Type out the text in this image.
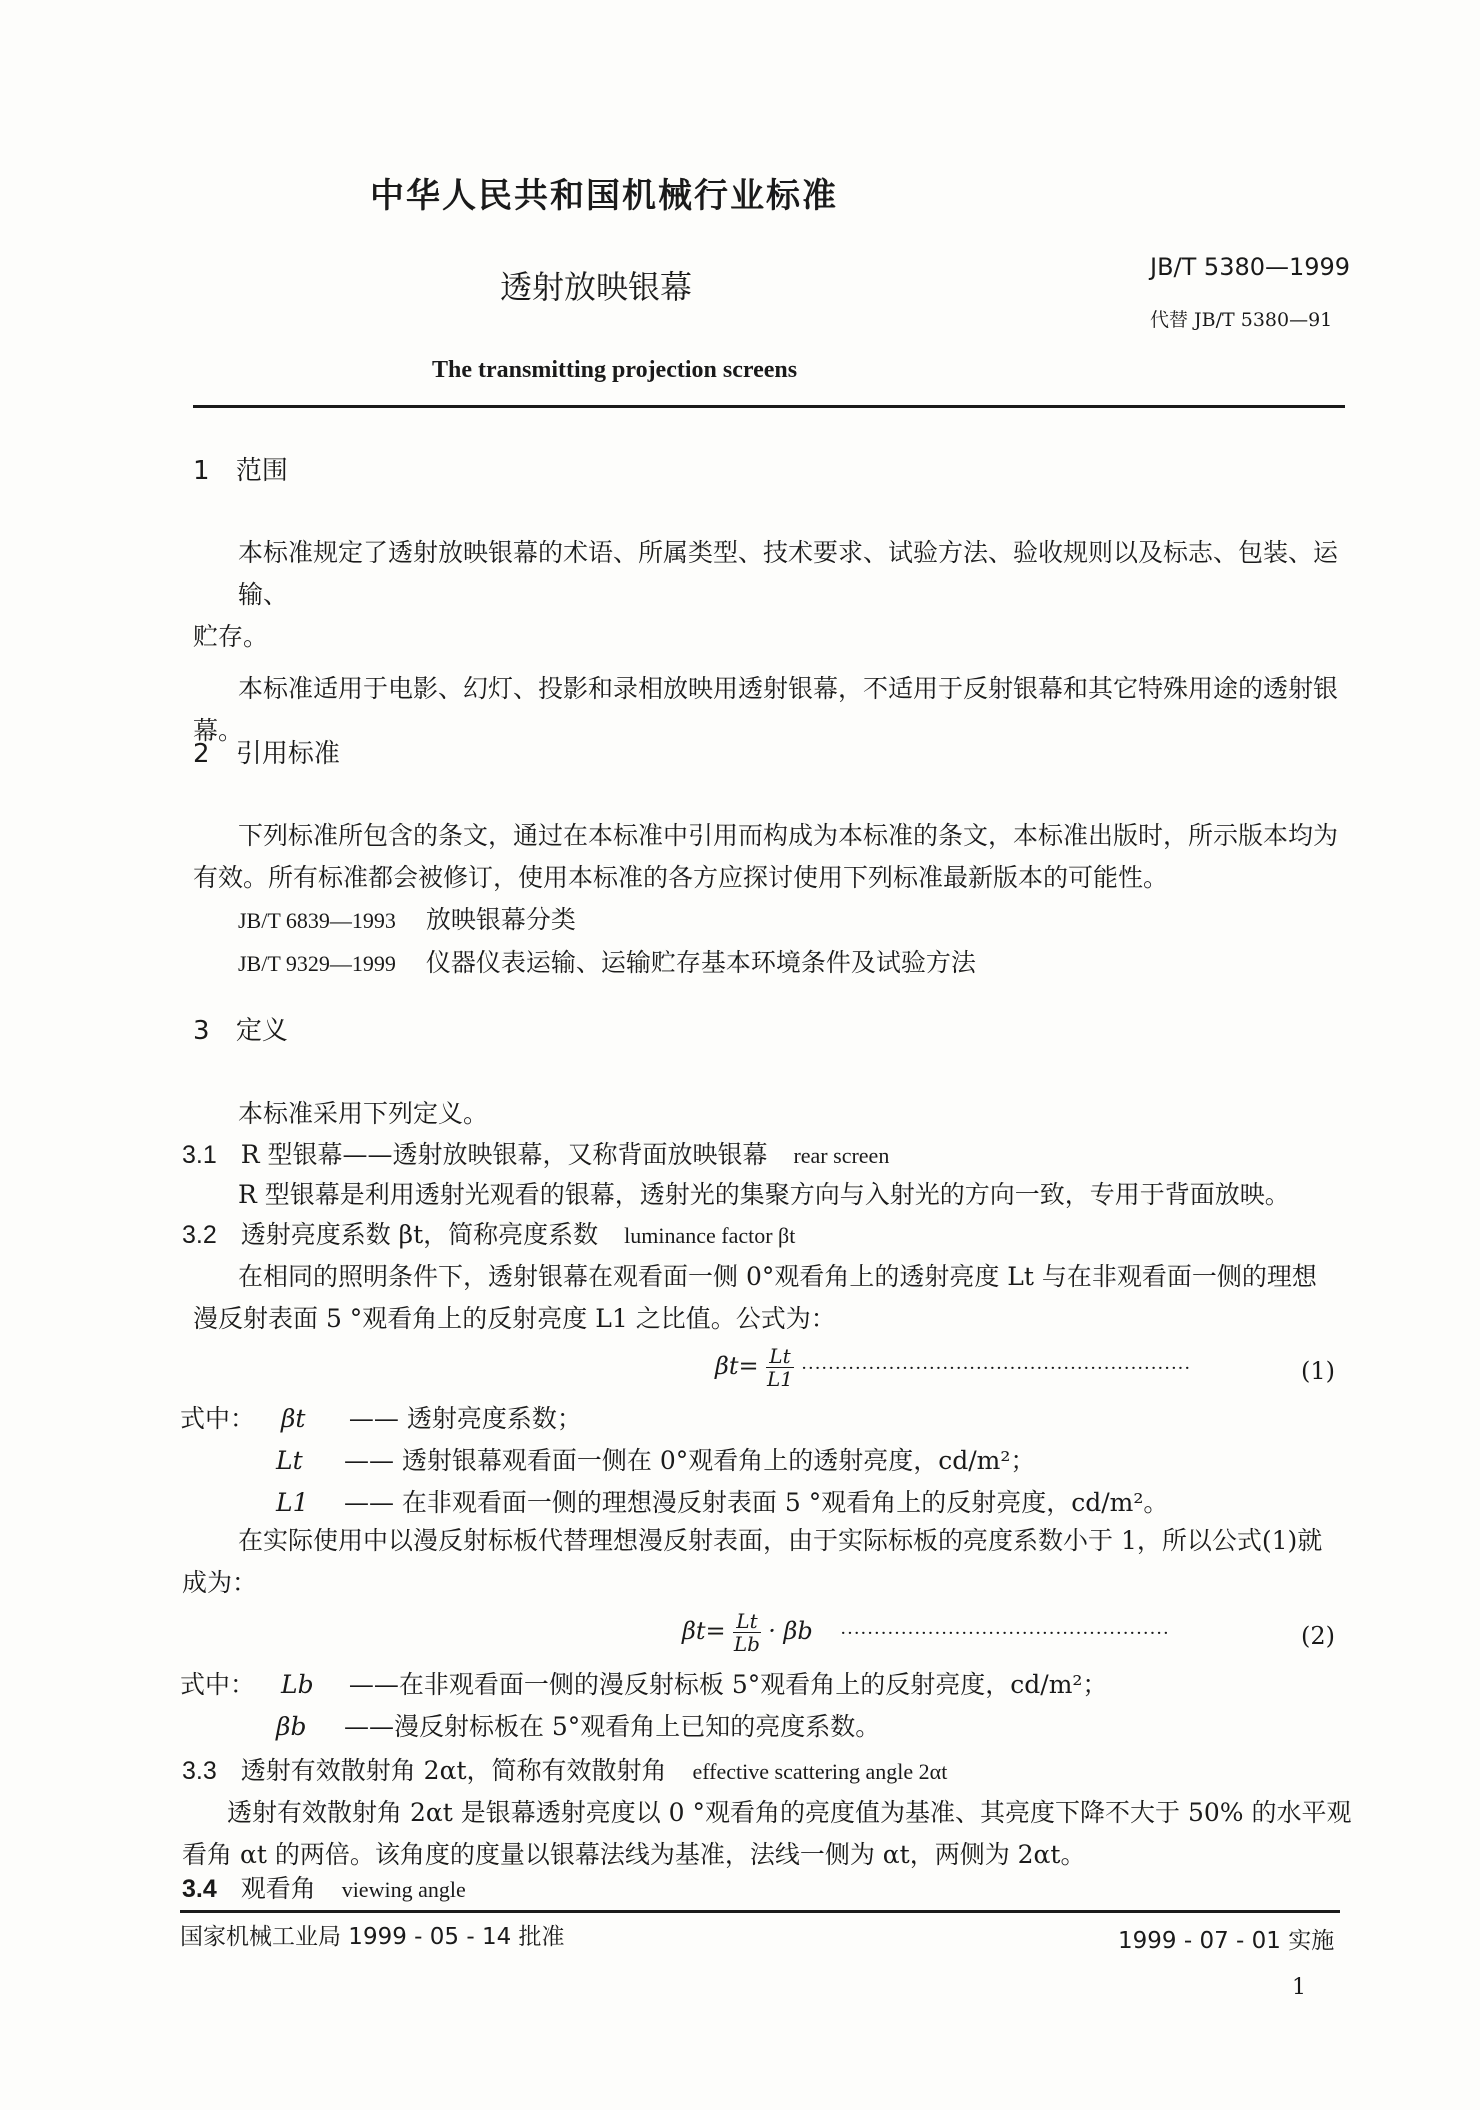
中华人民共和国机械行业标准
透射放映银幕
JB/T 5380—1999
代替 JB/T 5380—91
The transmitting projection screens
1 范围
本标准规定了透射放映银幕的术语、所属类型、技术要求、试验方法、验收规则以及标志、包装、运输、
贮存。
本标准适用于电影、幻灯、投影和录相放映用透射银幕，不适用于反射银幕和其它特殊用途的透射银
幕。
2 引用标准
下列标准所包含的条文，通过在本标准中引用而构成为本标准的条文，本标准出版时，所示版本均为
有效。所有标准都会被修订，使用本标准的各方应探讨使用下列标准最新版本的可能性。
JB/T 6839—1993 放映银幕分类
JB/T 9329—1999 仪器仪表运输、运输贮存基本环境条件及试验方法
3 定义
本标准采用下列定义。
3.1 R 型银幕——透射放映银幕，又称背面放映银幕 rear screen
R 型银幕是利用透射光观看的银幕，透射光的集聚方向与入射光的方向一致，专用于背面放映。
3.2 透射亮度系数 βt，简称亮度系数 luminance factor βt
在相同的照明条件下，透射银幕在观看面一侧 0°观看角上的透射亮度 Lt 与在非观看面一侧的理想
漫反射表面 5 °观看角上的反射亮度 L1 之比值。公式为：
$\beta t= \frac{Lt}{L1}$ ··························································	(1)
式中： βt —— 透射亮度系数；
Lt —— 透射银幕观看面一侧在 0°观看角上的透射亮度，cd/m²；
L1 —— 在非观看面一侧的理想漫反射表面 5 °观看角上的反射亮度，cd/m²。
在实际使用中以漫反射标板代替理想漫反射表面，由于实际标板的亮度系数小于 1，所以公式(1)就
成为：
$\beta t= \frac{Lt}{Lb} \cdot \beta b$ ·················································	(2)
式中： Lb ——在非观看面一侧的漫反射标板 5°观看角上的反射亮度，cd/m²；
βb ——漫反射标板在 5°观看角上已知的亮度系数。
3.3 透射有效散射角 2αt，简称有效散射角 effective scattering angle 2αt
透射有效散射角 2αt 是银幕透射亮度以 0 °观看角的亮度值为基准、其亮度下降不大于 50% 的水平观
看角 αt 的两倍。该角度的度量以银幕法线为基准，法线一侧为 αt，两侧为 2αt。
3.4 观看角 viewing angle
国家机械工业局 1999 - 05 - 14 批准	1999 - 07 - 01 实施
1
